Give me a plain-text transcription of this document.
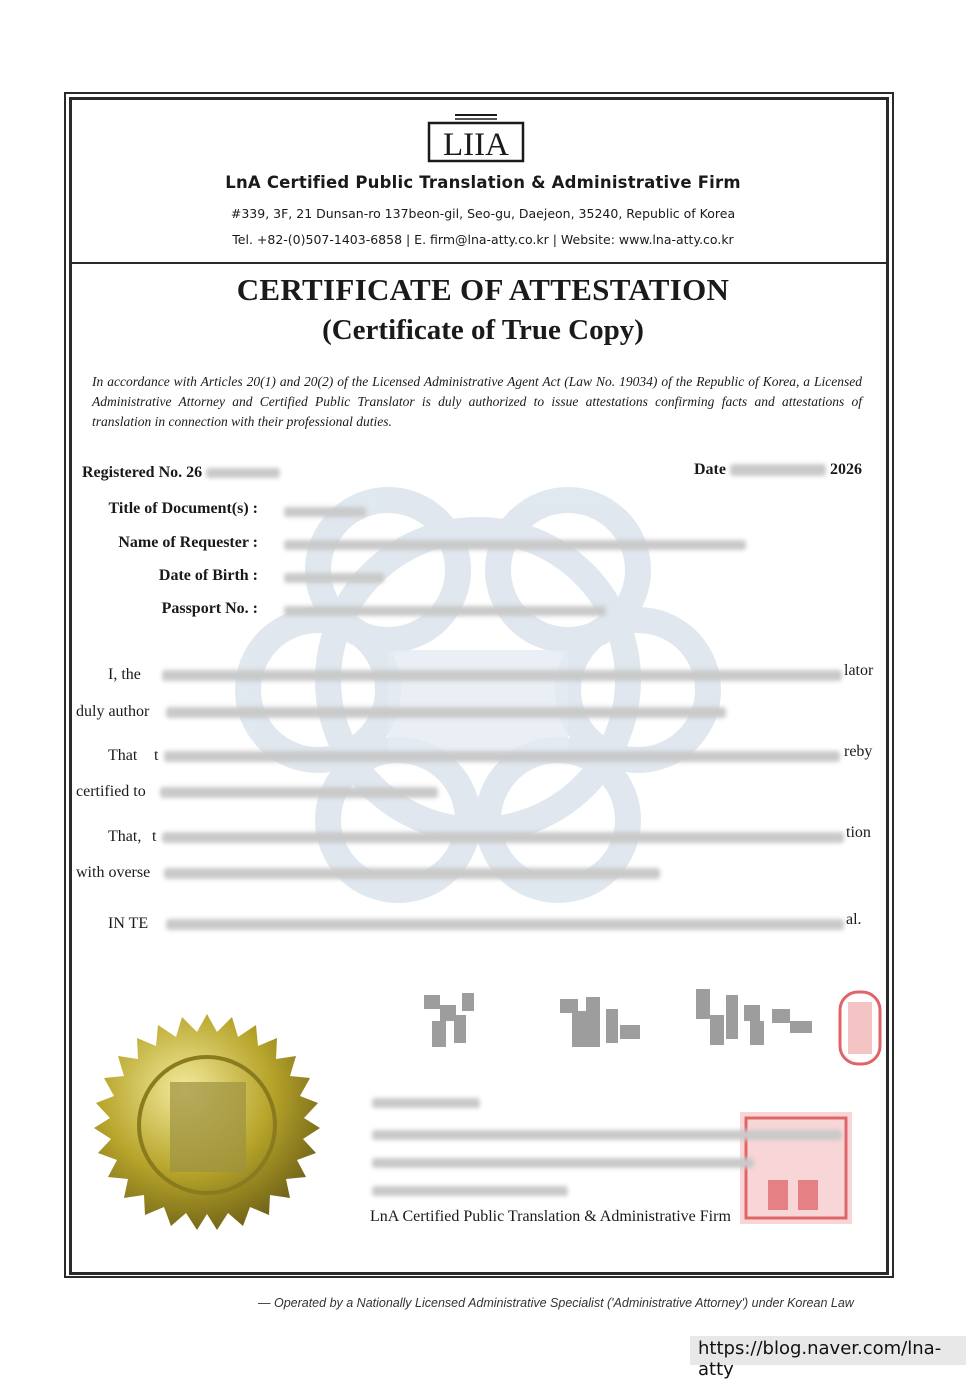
LIIA
LnA Certified Public Translation & Administrative Firm
#339, 3F, 21 Dunsan-ro 137beon-gil, Seo-gu, Daejeon, 35240, Republic of Korea
Tel. +82-(0)507-1403-6858 | E. firm@lna-atty.co.kr | Website: www.lna-atty.co.kr
CERTIFICATE OF ATTESTATION
(Certificate of True Copy)
In accordance with Articles 20(1) and 20(2) of the Licensed Administrative Agent Act (Law No. 19034) of the Republic of Korea, a Licensed Administrative Attorney and Certified Public Translator is duly authorized to issue attestations confirming facts and attestations of translation in connection with their professional duties.
Registered No. 26	Date	2026
Title of Document(s) :
Name of Requester :
Date of Birth :
Passport No. :
I, the	lator
duly author
That t	reby
certified to
That, t	tion
with overse
IN TE	al.
LnA Certified Public Translation & Administrative Firm
— Operated by a Nationally Licensed Administrative Specialist ('Administrative Attorney') under Korean Law
https://blog.naver.com/lna-atty
